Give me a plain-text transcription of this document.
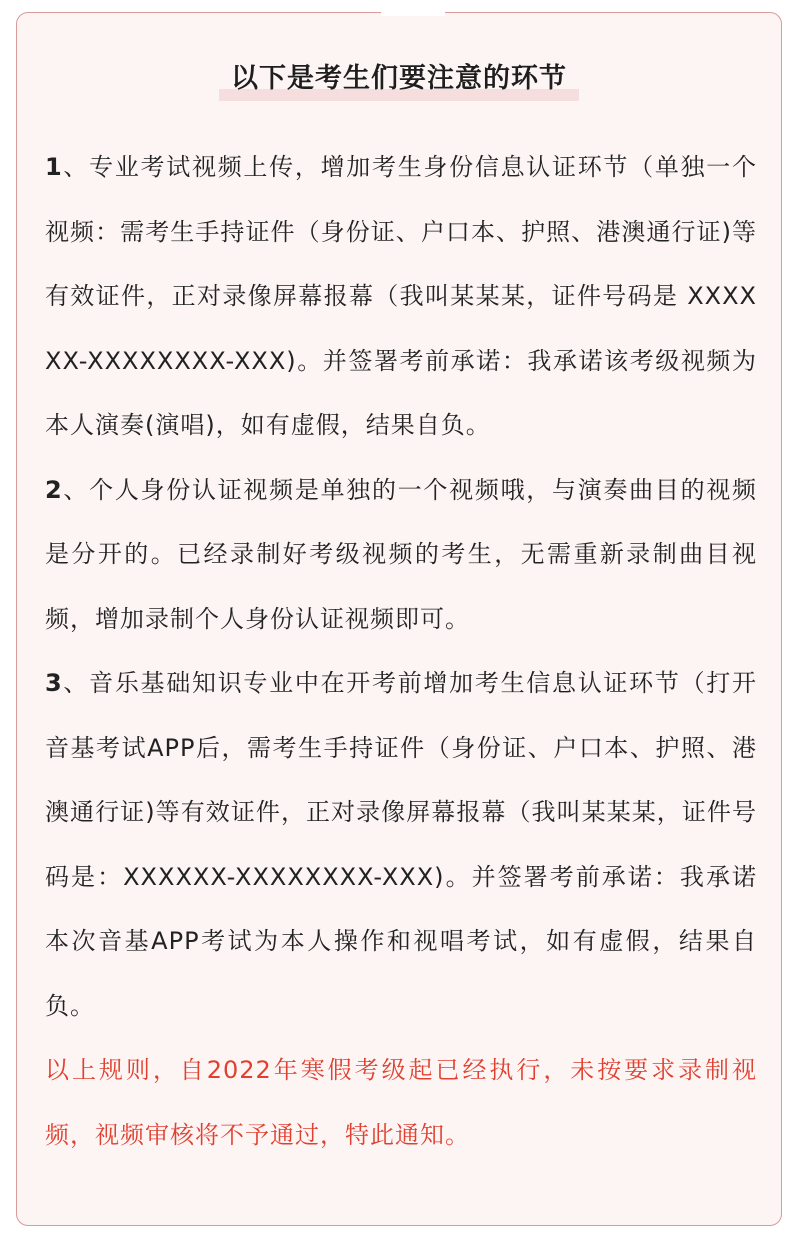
以下是考生们要注意的环节

1、专业考试视频上传，增加考生身份信息认证环节（单独一个视频：需考生手持证件（身份证、户口本、护照、港澳通行证)等有效证件，正对录像屏幕报幕（我叫某某某，证件号码是 XXXXXX-XXXXXXXX-XXX)。并签署考前承诺：我承诺该考级视频为本人演奏(演唱)，如有虚假，结果自负。

2、个人身份认证视频是单独的一个视频哦，与演奏曲目的视频是分开的。已经录制好考级视频的考生，无需重新录制曲目视频，增加录制个人身份认证视频即可。

3、音乐基础知识专业中在开考前增加考生信息认证环节（打开音基考试APP后，需考生手持证件（身份证、户口本、护照、港澳通行证)等有效证件，正对录像屏幕报幕（我叫某某某，证件号码是：XXXXXX-XXXXXXXX-XXX)。并签署考前承诺：我承诺本次音基APP考试为本人操作和视唱考试，如有虚假，结果自负。

以上规则，自2022年寒假考级起已经执行，未按要求录制视频，视频审核将不予通过，特此通知。
